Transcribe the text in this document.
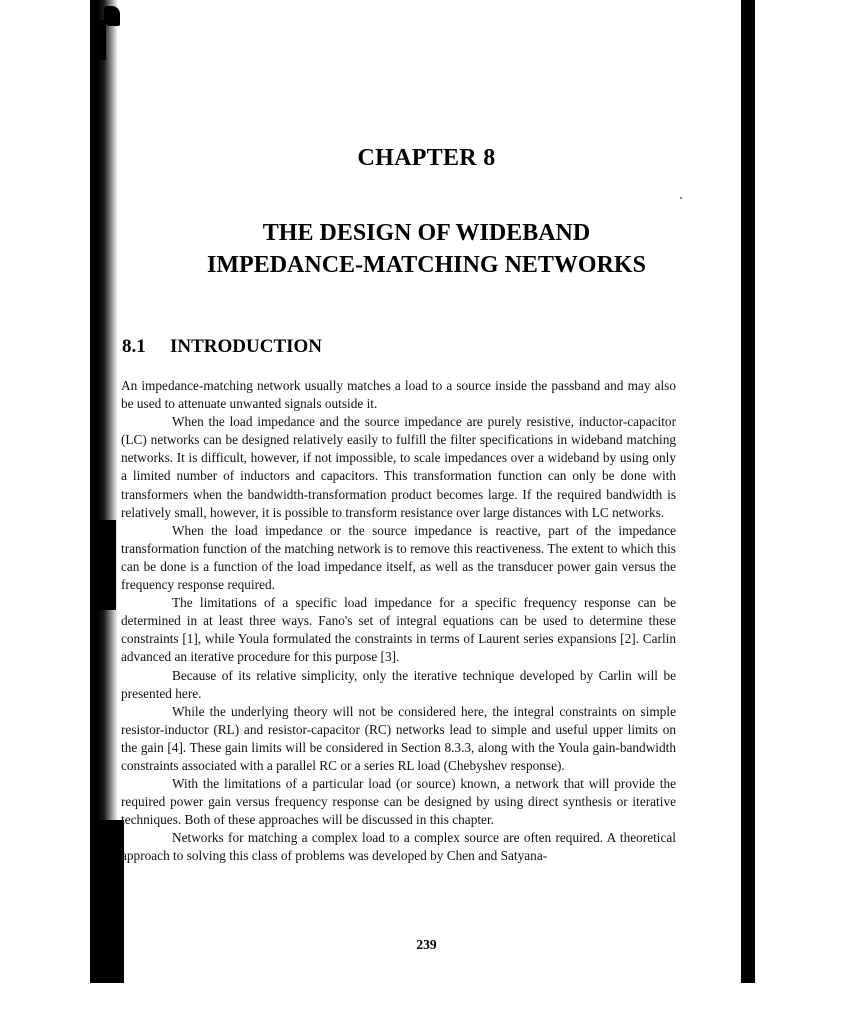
CHAPTER 8
THE DESIGN OF WIDEBAND
IMPEDANCE-MATCHING NETWORKS
8.1 INTRODUCTION

An impedance-matching network usually matches a load to a source inside the passband and may also be used to attenuate unwanted signals outside it.

When the load impedance and the source impedance are purely resistive, inductor-capacitor (LC) networks can be designed relatively easily to fulfill the filter specifications in wideband matching networks. It is difficult, however, if not impossible, to scale impedances over a wideband by using only a limited number of inductors and capacitors. This transformation function can only be done with transformers when the bandwidth-transformation product becomes large. If the required bandwidth is relatively small, however, it is possible to transform resistance over large distances with LC networks.

When the load impedance or the source impedance is reactive, part of the impedance transformation function of the matching network is to remove this reactiveness. The extent to which this can be done is a function of the load impedance itself, as well as the transducer power gain versus the frequency response required.

The limitations of a specific load impedance for a specific frequency response can be determined in at least three ways. Fano's set of integral equations can be used to determine these constraints [1], while Youla formulated the constraints in terms of Laurent series expansions [2]. Carlin advanced an iterative procedure for this purpose [3].

Because of its relative simplicity, only the iterative technique developed by Carlin will be presented here.

While the underlying theory will not be considered here, the integral constraints on simple resistor-inductor (RL) and resistor-capacitor (RC) networks lead to simple and useful upper limits on the gain [4]. These gain limits will be considered in Section 8.3.3, along with the Youla gain-bandwidth constraints associated with a parallel RC or a series RL load (Chebyshev response).

With the limitations of a particular load (or source) known, a network that will provide the required power gain versus frequency response can be designed by using direct synthesis or iterative techniques. Both of these approaches will be discussed in this chapter.

Networks for matching a complex load to a complex source are often required. A theoretical approach to solving this class of problems was developed by Chen and Satyana-

239
